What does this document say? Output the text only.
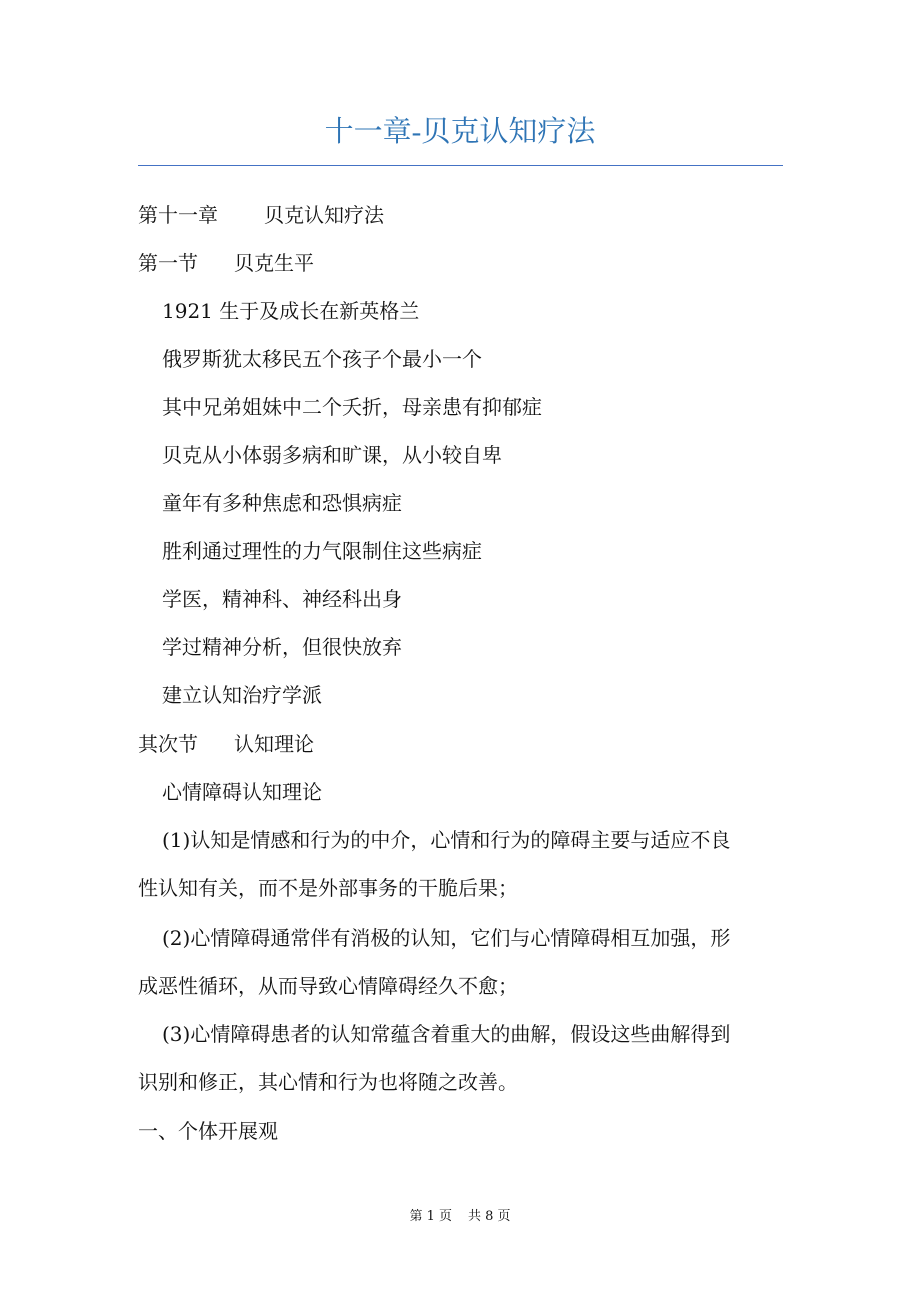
十一章-贝克认知疗法
第十一章 贝克认知疗法
第一节 贝克生平
1921 生于及成长在新英格兰
俄罗斯犹太移民五个孩子个最小一个
其中兄弟姐妹中二个夭折，母亲患有抑郁症
贝克从小体弱多病和旷课，从小较自卑
童年有多种焦虑和恐惧病症
胜利通过理性的力气限制住这些病症
学医，精神科、神经科出身
学过精神分析，但很快放弃
建立认知治疗学派
其次节 认知理论
心情障碍认知理论
(1)认知是情感和行为的中介，心情和行为的障碍主要与适应不良
性认知有关，而不是外部事务的干脆后果；
(2)心情障碍通常伴有消极的认知，它们与心情障碍相互加强，形
成恶性循环，从而导致心情障碍经久不愈；
(3)心情障碍患者的认知常蕴含着重大的曲解，假设这些曲解得到
识别和修正，其心情和行为也将随之改善。
一、个体开展观
第 1 页 共 8 页
